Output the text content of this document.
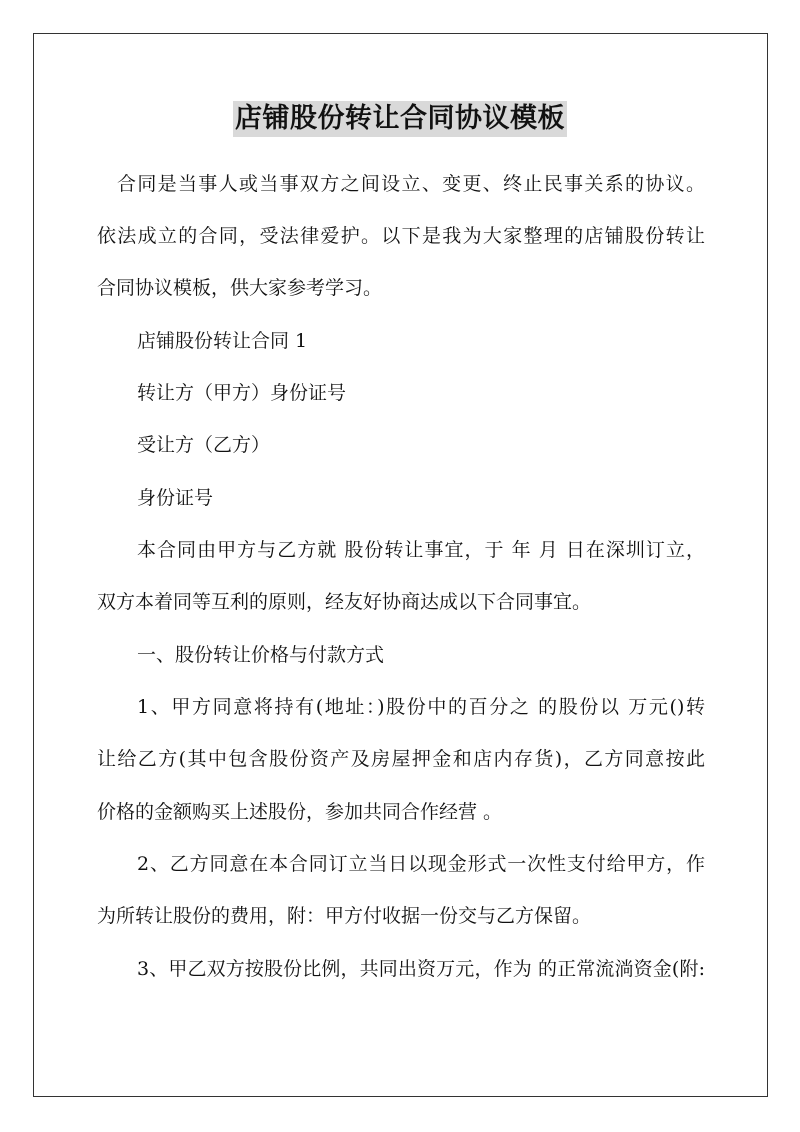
店铺股份转让合同协议模板
合同是当事人或当事双方之间设立、变更、终止民事关系的协议。
依法成立的合同，受法律爱护。以下是我为大家整理的店铺股份转让
合同协议模板，供大家参考学习。
店铺股份转让合同 1
转让方（甲方）身份证号
受让方（乙方）
身份证号
本合同由甲方与乙方就 股份转让事宜，于 年 月 日在深圳订立，
双方本着同等互利的原则，经友好协商达成以下合同事宜。
一、股份转让价格与付款方式
1、甲方同意将持有(地址：)股份中的百分之 的股份以 万元()转
让给乙方(其中包含股份资产及房屋押金和店内存货)，乙方同意按此
价格的金额购买上述股份，参加共同合作经营 。
2、乙方同意在本合同订立当日以现金形式一次性支付给甲方，作
为所转让股份的费用，附：甲方付收据一份交与乙方保留。
3、甲乙双方按股份比例，共同出资万元，作为 的正常流淌资金(附:
